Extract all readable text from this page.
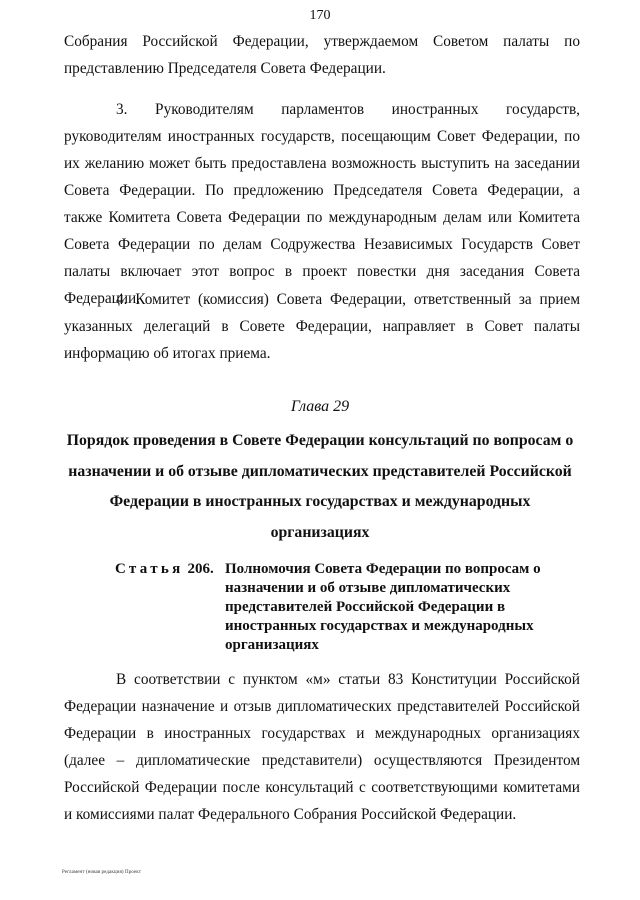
170

Собрания Российской Федерации, утверждаемом Советом палаты по представлению Председателя Совета Федерации.

3. Руководителям парламентов иностранных государств, руководителям иностранных государств, посещающим Совет Федерации, по их желанию может быть предоставлена возможность выступить на заседании Совета Федерации. По предложению Председателя Совета Федерации, а также Комитета Совета Федерации по международным делам или Комитета Совета Федерации по делам Содружества Независимых Государств Совет палаты включает этот вопрос в проект повестки дня заседания Совета Федерации.

4. Комитет (комиссия) Совета Федерации, ответственный за прием указанных делегаций в Совете Федерации, направляет в Совет палаты информацию об итогах приема.

Глава 29
Порядок проведения в Совете Федерации консультаций по вопросам о назначении и об отзыве дипломатических представителей Российской Федерации в иностранных государствах и международных организациях
Статья 206. Полномочия Совета Федерации по вопросам о назначении и об отзыве дипломатических представителей Российской Федерации в иностранных государствах и международных организациях

В соответствии с пунктом «м» статьи 83 Конституции Российской Федерации назначение и отзыв дипломатических представителей Российской Федерации в иностранных государствах и международных организациях (далее – дипломатические представители) осуществляются Президентом Российской Федерации после консультаций с соответствующими комитетами и комиссиями палат Федерального Собрания Российской Федерации.

Регламент (новая редакция) Проект
